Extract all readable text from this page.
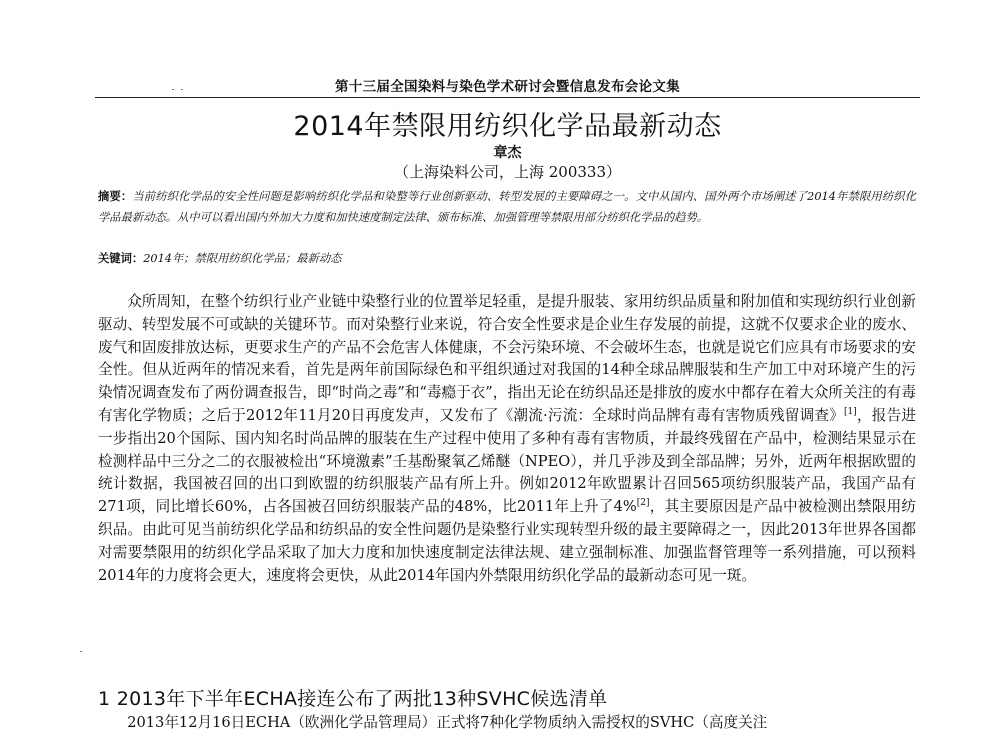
第十三届全国染料与染色学术研讨会暨信息发布会论文集
2014年禁限用纺织化学品最新动态
章杰
（上海染料公司，上海 200333）
摘要：当前纺织化学品的安全性问题是影响纺织化学品和染整等行业创新驱动、转型发展的主要障碍之一。文中从国内、国外两个市场阐述了2014年禁限用纺织化学品最新动态。从中可以看出国内外加大力度和加快速度制定法律、颁布标准、加强管理等禁限用部分纺织化学品的趋势。
关键词：2014年；禁限用纺织化学品；最新动态

众所周知，在整个纺织行业产业链中染整行业的位置举足轻重，是提升服装、家用纺织品质量和附加值和实现纺织行业创新驱动、转型发展不可或缺的关键环节。而对染整行业来说，符合安全性要求是企业生存发展的前提，这就不仅要求企业的废水、废气和固废排放达标，更要求生产的产品不会危害人体健康，不会污染环境、不会破坏生态，也就是说它们应具有市场要求的安全性。但从近两年的情况来看，首先是两年前国际绿色和平组织通过对我国的14种全球品牌服装和生产加工中对环境产生的污染情况调查发布了两份调查报告，即“时尚之毒”和“毒瘾于衣”，指出无论在纺织品还是排放的废水中都存在着大众所关注的有毒有害化学物质；之后于2012年11月20日再度发声，又发布了《潮流·污流：全球时尚品牌有毒有害物质残留调查》[1]，报告进一步指出20个国际、国内知名时尚品牌的服装在生产过程中使用了多种有毒有害物质，并最终残留在产品中，检测结果显示在检测样品中三分之二的衣服被检出“环境激素”壬基酚聚氧乙烯醚（NPEO），并几乎涉及到全部品牌；另外，近两年根据欧盟的统计数据，我国被召回的出口到欧盟的纺织服装产品有所上升。例如2012年欧盟累计召回565项纺织服装产品，我国产品有271项，同比增长60%，占各国被召回纺织服装产品的48%，比2011年上升了4%[2]，其主要原因是产品中被检测出禁限用纺织品。由此可见当前纺织化学品和纺织品的安全性问题仍是染整行业实现转型升级的最主要障碍之一，因此2013年世界各国都对需要禁限用的纺织化学品采取了加大力度和加快速度制定法律法规、建立强制标准、加强监督管理等一系列措施，可以预料2014年的力度将会更大，速度将会更快，从此2014年国内外禁限用纺织化学品的最新动态可见一斑。

1 2013年下半年ECHA接连公布了两批13种SVHC候选清单
2013年12月16日ECHA（欧洲化学品管理局）正式将7种化学物质纳入需授权的SVHC（高度关注
